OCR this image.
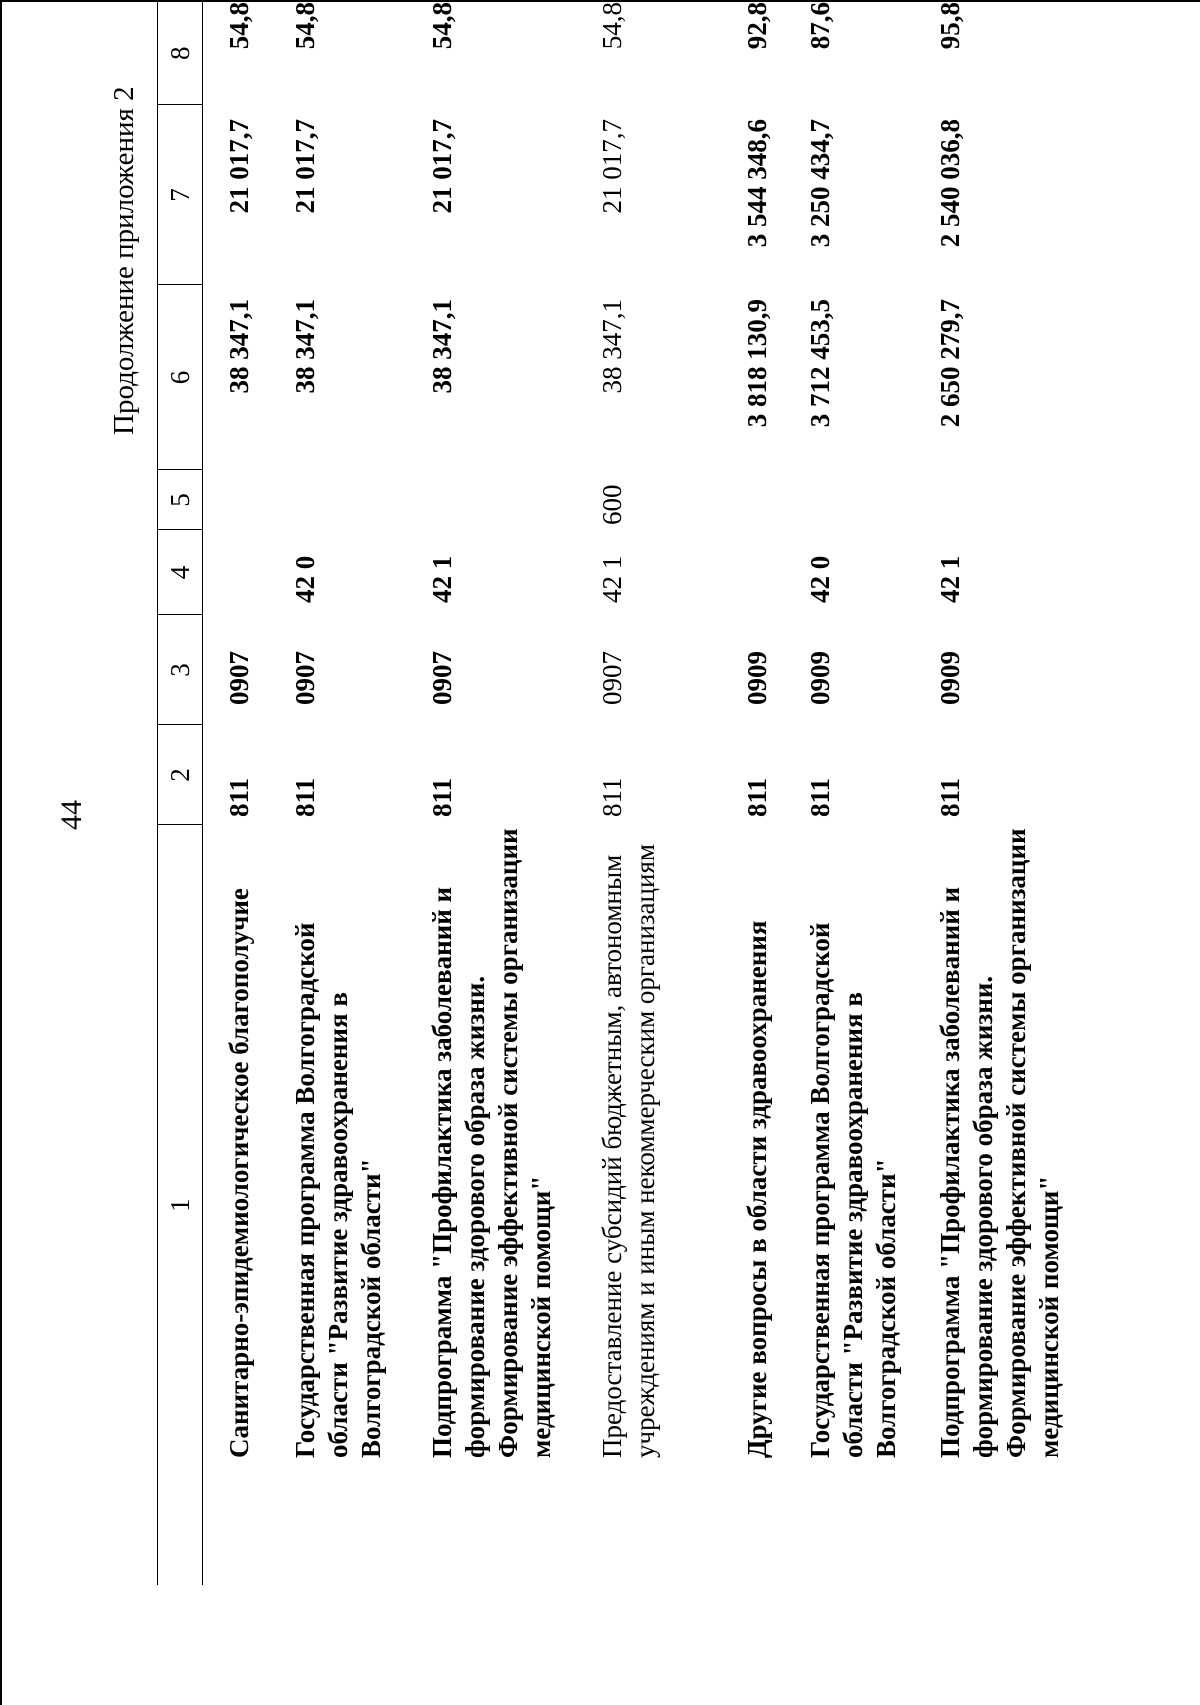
44
Продолжение приложения 2
1	2	3	4	5	6	7	8
Санитарно-эпидемиологическое благополучие	811	0907			38 347,1	21 017,7	54,8
Государственная программа Волгоградской области "Развитие здравоохранения в Волгоградской области"	811	0907	42 0		38 347,1	21 017,7	54,8
Подпрограмма "Профилактика заболеваний и формирование здорового образа жизни. Формирование эффективной системы организации медицинской помощи"	811	0907	42 1		38 347,1	21 017,7	54,8
Предоставление субсидий бюджетным, автономным учреждениям и иным некоммерческим организациям	811	0907	42 1	600	38 347,1	21 017,7	54,8
Другие вопросы в области здравоохранения	811	0909			3 818 130,9	3 544 348,6	92,8
Государственная программа Волгоградской области "Развитие здравоохранения в Волгоградской области"	811	0909	42 0		3 712 453,5	3 250 434,7	87,6
Подпрограмма "Профилактика заболеваний и формирование здорового образа жизни. Формирование эффективной системы организации медицинской помощи"	811	0909	42 1		2 650 279,7	2 540 036,8	95,8
